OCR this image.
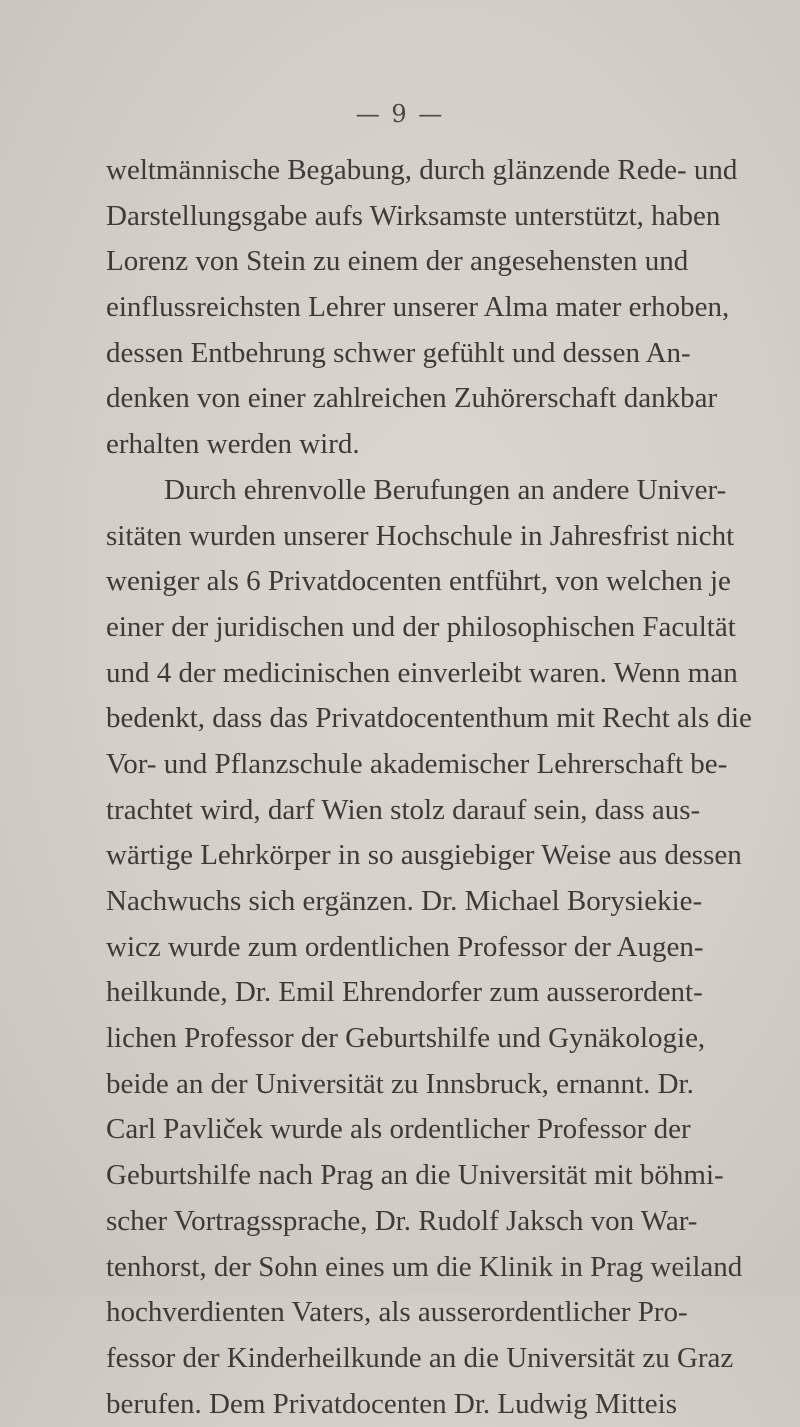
— 9 —
weltmännische Begabung, durch glänzende Rede- und
Darstellungsgabe aufs Wirksamste unterstützt, haben
Lorenz von Stein zu einem der angesehensten und
einflussreichsten Lehrer unserer Alma mater erhoben,
dessen Entbehrung schwer gefühlt und dessen An-
denken von einer zahlreichen Zuhörerschaft dankbar
erhalten werden wird.
Durch ehrenvolle Berufungen an andere Univer-
sitäten wurden unserer Hochschule in Jahresfrist nicht
weniger als 6 Privatdocenten entführt, von welchen je
einer der juridischen und der philosophischen Facultät
und 4 der medicinischen einverleibt waren. Wenn man
bedenkt, dass das Privatdocententhum mit Recht als die
Vor- und Pflanzschule akademischer Lehrerschaft be-
trachtet wird, darf Wien stolz darauf sein, dass aus-
wärtige Lehrkörper in so ausgiebiger Weise aus dessen
Nachwuchs sich ergänzen. Dr. Michael Borysiekie-
wicz wurde zum ordentlichen Professor der Augen-
heilkunde, Dr. Emil Ehrendorfer zum ausserordent-
lichen Professor der Geburtshilfe und Gynäkologie,
beide an der Universität zu Innsbruck, ernannt. Dr.
Carl Pavliček wurde als ordentlicher Professor der
Geburtshilfe nach Prag an die Universität mit böhmi-
scher Vortragssprache, Dr. Rudolf Jaksch von War-
tenhorst, der Sohn eines um die Klinik in Prag weiland
hochverdienten Vaters, als ausserordentlicher Pro-
fessor der Kinderheilkunde an die Universität zu Graz
berufen. Dem Privatdocenten Dr. Ludwig Mitteis
